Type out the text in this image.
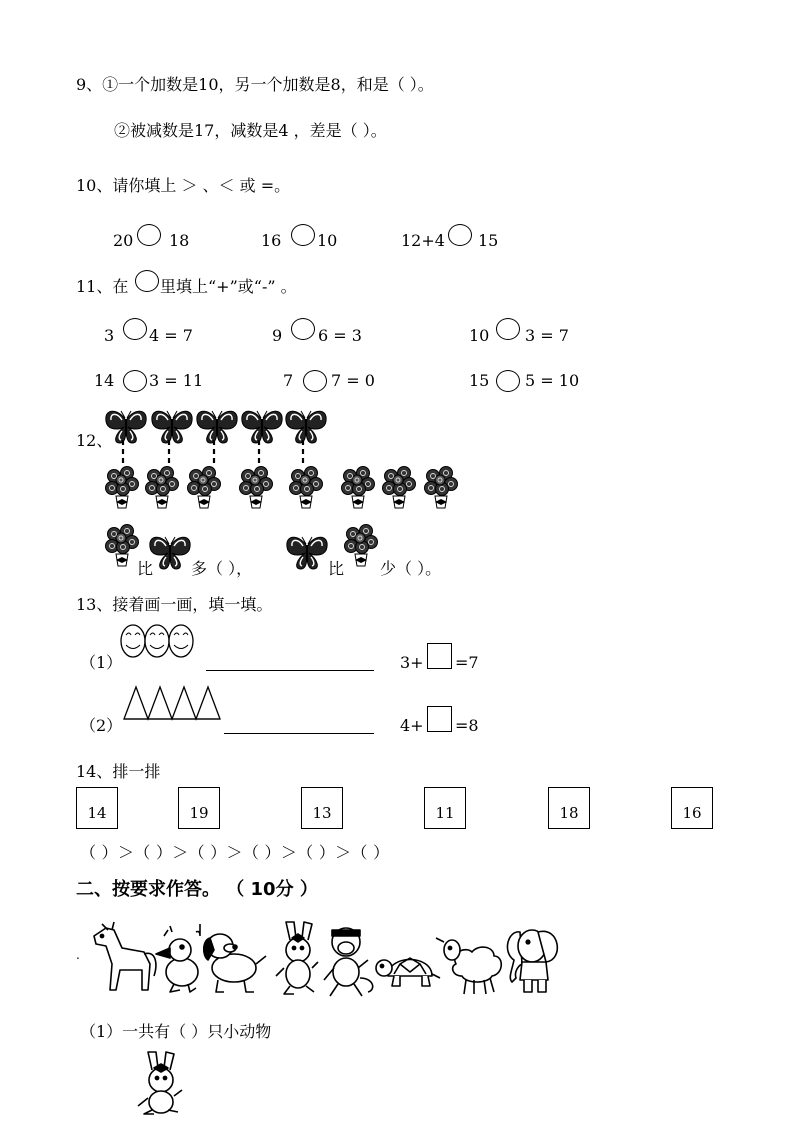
9、①一个加数是10，另一个加数是8，和是（ ）。
②被减数是17，减数是4 ，差是（ ）。
10、请你填上 ＞ 、＜ 或 =。
20 18	16 10	12+4 15
11、在 里填上“+”或“-” 。
3 4 = 7	9 6 = 3	10 3 = 7
14 3 = 11	7 7 = 0	15 5 = 10
12、
比 多（ ），	比 少（ ）。
13、接着画一画，填一填。
（1）	3+ =7
（2）	4+ =8
14、排一排
14	19	13	11	18	16
（ ）＞（ ）＞（ ）＞（ ）＞（ ）＞（ ）
二、按要求作答。 （ 10分 ）
.
（1）一共有（ ）只小动物
